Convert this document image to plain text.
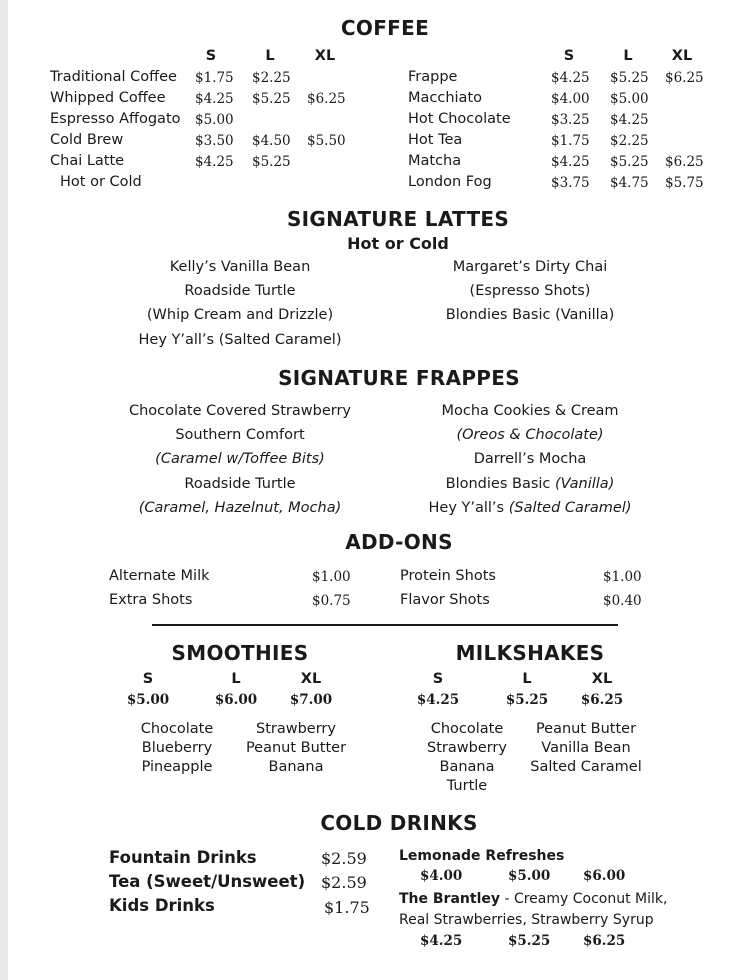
COFFEE
S	L	XL	S	L	XL
Traditional Coffee $1.75 $2.25
Whipped Coffee $4.25 $5.25 $6.25
Espresso Affogato $5.00
Cold Brew	$3.50 $4.50 $5.50
Chai Latte	$4.25 $5.25
Hot or Cold
Frappe	$4.25 $5.25 $6.25
Macchiato	$4.00 $5.00
Hot Chocolate	$3.25 $4.25
Hot Tea	$1.75 $2.25
Matcha	$4.25 $5.25 $6.25
London Fog	$3.75 $4.75 $5.75
SIGNATURE LATTES
Hot or Cold
Kelly’s Vanilla Bean
Roadside Turtle
(Whip Cream and Drizzle)
Hey Y’all’s (Salted Caramel)
Margaret’s Dirty Chai
(Espresso Shots)
Blondies Basic (Vanilla)
SIGNATURE FRAPPES
Chocolate Covered Strawberry
Southern Comfort
(Caramel w/Toffee Bits)
Roadside Turtle
(Caramel, Hazelnut, Mocha)
Mocha Cookies & Cream
(Oreos & Chocolate)
Darrell’s Mocha
Blondies Basic (Vanilla)
Hey Y’all’s (Salted Caramel)
ADD-ONS
Alternate Milk	$1.00
Extra Shots	$0.75
Protein Shots	$1.00
Flavor Shots	$0.40
SMOOTHIES
S	L	XL
$5.00	$6.00 $7.00
Chocolate
Blueberry
Pineapple
Strawberry
Peanut Butter
Banana
MILKSHAKES
S	L	XL
$4.25	$5.25 $6.25
Chocolate
Strawberry
Banana
Turtle
Peanut Butter
Vanilla Bean
Salted Caramel
COLD DRINKS
Fountain Drinks	$2.59
Tea (Sweet/Unsweet) $2.59
Kids Drinks	$1.75
Lemonade Refreshes
$4.00	$5.00 $6.00
The Brantley - Creamy Coconut Milk,
Real Strawberries, Strawberry Syrup
$4.25	$5.25 $6.25
